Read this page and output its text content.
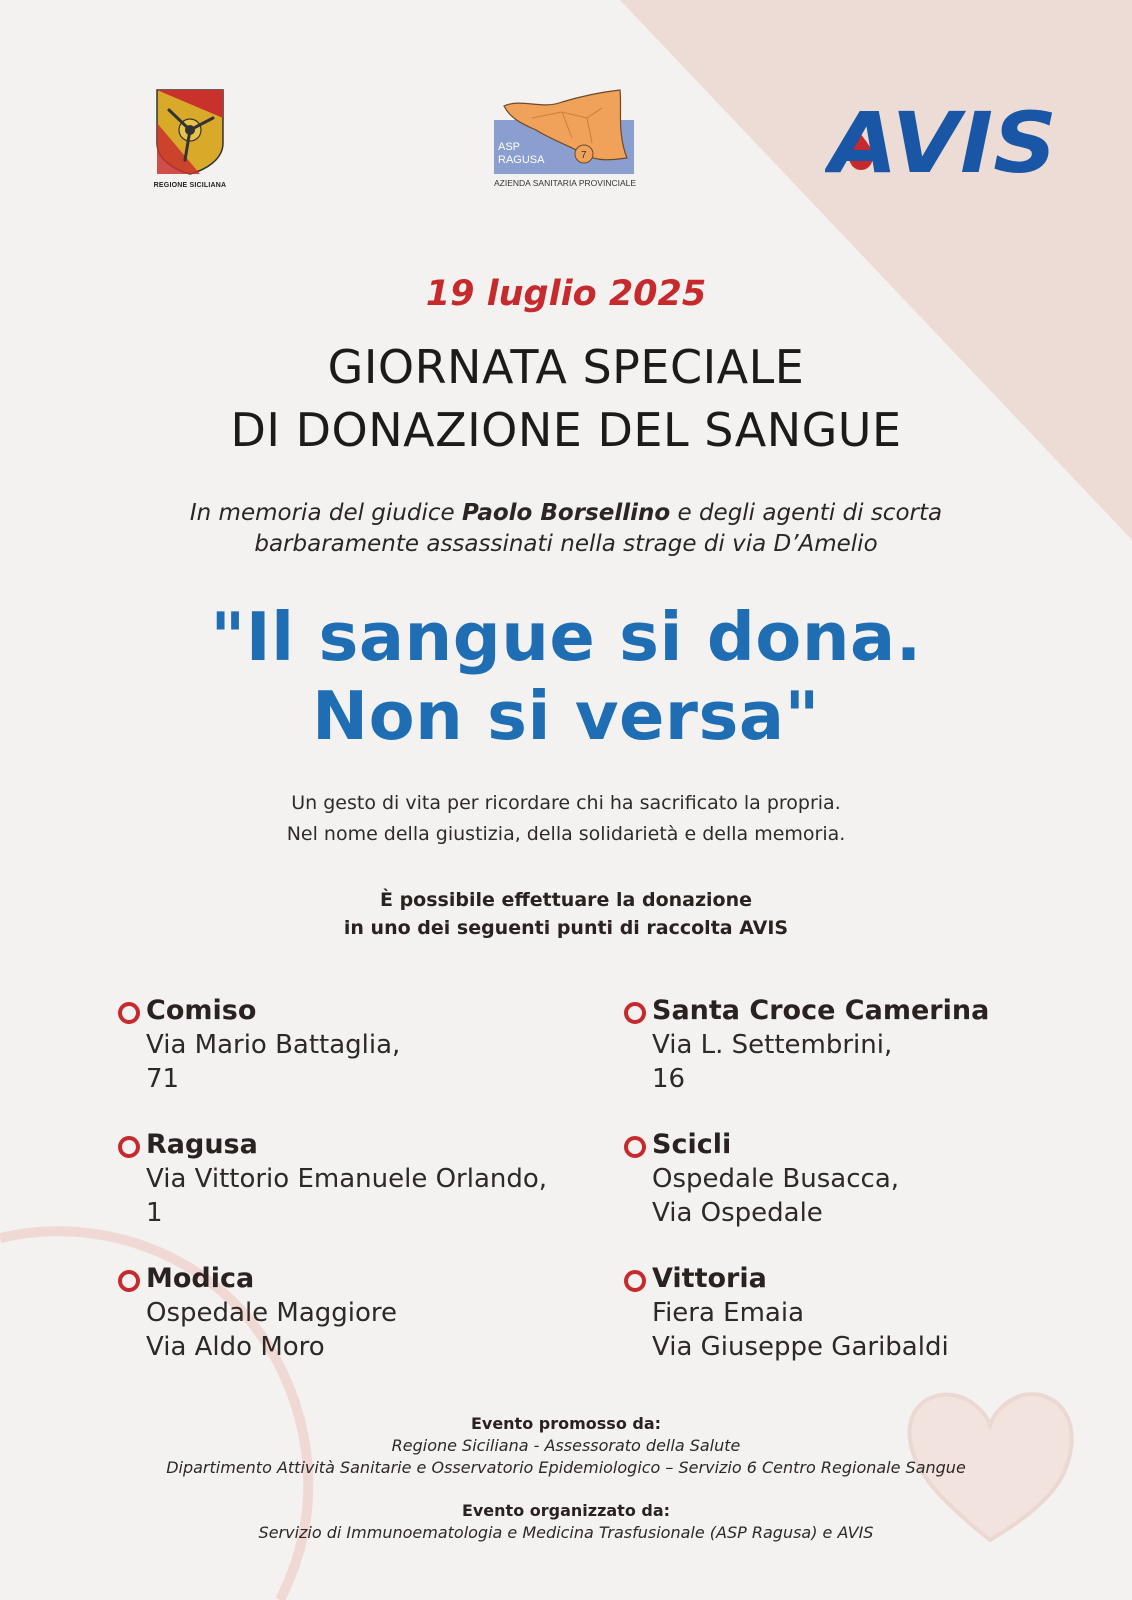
REGIONE SICILIANA
7
ASP
RAGUSA
AZIENDA SANITARIA PROVINCIALE AVIS
19 luglio 2025
GIORNATA SPECIALE
DI DONAZIONE DEL SANGUE
In memoria del giudice Paolo Borsellino e degli agenti di scorta
barbaramente assassinati nella strage di via D’Amelio
"Il sangue si dona.
Non si versa"
Un gesto di vita per ricordare chi ha sacrificato la propria.
Nel nome della giustizia, della solidarietà e della memoria.
È possibile effettuare la donazione
in uno dei seguenti punti di raccolta AVIS
Comiso
Via Mario Battaglia,
71
Santa Croce Camerina
Via L. Settembrini,
16
Ragusa
Via Vittorio Emanuele Orlando,
1
Scicli
Ospedale Busacca,
Via Ospedale
Modica
Ospedale Maggiore
Via Aldo Moro
Vittoria
Fiera Emaia
Via Giuseppe Garibaldi
Evento promosso da:
Regione Siciliana - Assessorato della Salute
Dipartimento Attività Sanitarie e Osservatorio Epidemiologico – Servizio 6 Centro Regionale Sangue
Evento organizzato da:
Servizio di Immunoematologia e Medicina Trasfusionale (ASP Ragusa) e AVIS
